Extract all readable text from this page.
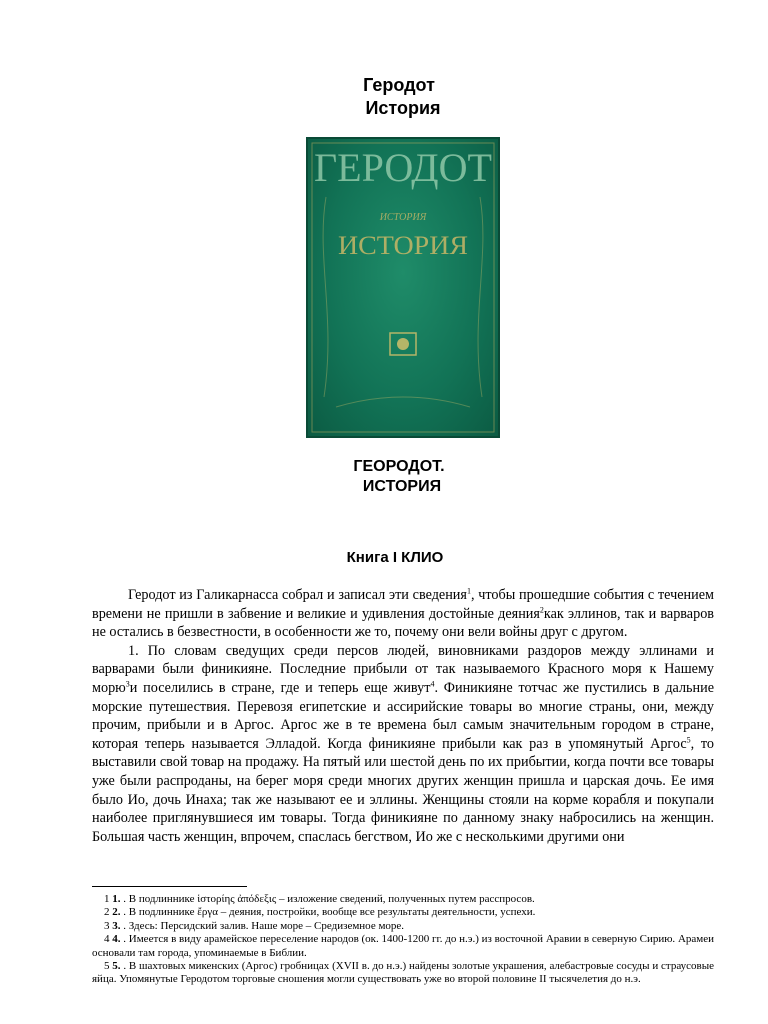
Геродот
История
ГЕРОДОТ
ИСТОРИЯ
ИСТОРИЯ
ГЕОРОДОТ.
ИСТОРИЯ
Книга I КЛИО

Геродот из Галикарнасса собрал и записал эти сведения$^1$, чтобы прошедшие события с течением времени не пришли в забвение и великие и удивления достойные деяния$^2$как эллинов, так и варваров не остались в безвестности, в особенности же то, почему они вели войны друг с другом.

1. По словам сведущих среди персов людей, виновниками раздоров между эллинами и варварами были финикияне. Последние прибыли от так называемого Красного моря к Нашему морю$^3$и поселились в стране, где и теперь еще живут$^4$. Финикияне тотчас же пустились в дальние морские путешествия. Перевозя египетские и ассирийские товары во многие страны, они, между прочим, прибыли и в Аргос. Аргос же в те времена был самым значительным городом в стране, которая теперь называется Элладой. Когда финикияне прибыли как раз в упомянутый Аргос$^5$, то выставили свой товар на продажу. На пятый или шестой день по их прибытии, когда почти все товары уже были распроданы, на берег моря среди многих других женщин пришла и царская дочь. Ее имя было Ио, дочь Инаха; так же называют ее и эллины. Женщины стояли на корме корабля и покупали наиболее приглянувшиеся им товары. Тогда финикияне по данному знаку набросились на женщин. Большая часть женщин, впрочем, спаслась бегством, Ио же с несколькими другими они

1 1. . В подлиннике ἱστορίης ἀπόδεξις – изложение сведений, полученных путем расспросов.

2 2. . В подлиннике ἔργα – деяния, постройки, вообще все результаты деятельности, успехи.

3 3. . Здесь: Персидский залив. Наше море – Средиземное море.

4 4. . Имеется в виду арамейское переселение народов (ок. 1400-1200 гг. до н.э.) из восточной Аравии в северную Сирию. Арамеи основали там города, упоминаемые в Библии.

5 5. . В шахтовых микенских (Аргос) гробницах (XVII в. до н.э.) найдены золотые украшения, алебастровые сосуды и страусовые яйца. Упомянутые Геродотом торговые сношения могли существовать уже во второй половине II тысячелетия до н.э.
